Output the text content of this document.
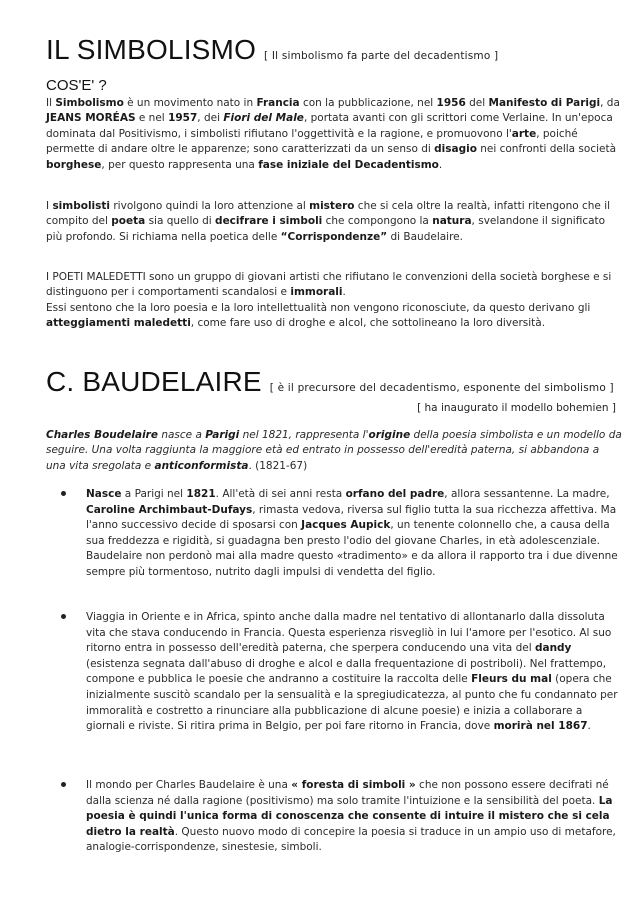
IL SIMBOLISMO [ Il simbolismo fa parte del decadentismo ]
COS'E' ?
Il Simbolismo è un movimento nato in Francia con la pubblicazione, nel 1956 del Manifesto di Parigi, da JEANS MORÉAS e nel 1957, dei Fiori del Male, portata avanti con gli scrittori come Verlaine. In un'epoca dominata dal Positivismo, i simbolisti rifiutano l'oggettività e la ragione, e promuovono l'arte, poiché permette di andare oltre le apparenze; sono caratterizzati da un senso di disagio nei confronti della società borghese, per questo rappresenta una fase iniziale del Decadentismo.
I simbolisti rivolgono quindi la loro attenzione al mistero che si cela oltre la realtà, infatti ritengono che il compito del poeta sia quello di decifrare i simboli che compongono la natura, svelandone il significato più profondo. Si richiama nella poetica delle “Corrispondenze” di Baudelaire.
I POETI MALEDETTI sono un gruppo di giovani artisti che rifiutano le convenzioni della società borghese e si distinguono per i comportamenti scandalosi e immorali.
Essi sentono che la loro poesia e la loro intellettualità non vengono riconosciute, da questo derivano gli atteggiamenti maledetti, come fare uso di droghe e alcol, che sottolineano la loro diversità.
C. BAUDELAIRE [ è il precursore del decadentismo, esponente del simbolismo ]
[ ha inaugurato il modello bohemien ]
Charles Boudelaire nasce a Parigi nel 1821, rappresenta l'origine della poesia simbolista e un modello da seguire. Una volta raggiunta la maggiore età ed entrato in possesso dell'eredità paterna, si abbandona a una vita sregolata e anticonformista. (1821-67)
Nasce a Parigi nel 1821. All'età di sei anni resta orfano del padre, allora sessantenne. La madre, Caroline Archimbaut-Dufays, rimasta vedova, riversa sul figlio tutta la sua ricchezza affettiva. Ma l'anno successivo decide di sposarsi con Jacques Aupick, un tenente colonnello che, a causa della sua freddezza e rigidità, si guadagna ben presto l'odio del giovane Charles, in età adolescenziale. Baudelaire non perdonò mai alla madre questo «tradimento» e da allora il rapporto tra i due divenne sempre più tormentoso, nutrito dagli impulsi di vendetta del figlio.
Viaggia in Oriente e in Africa, spinto anche dalla madre nel tentativo di allontanarlo dalla dissoluta vita che stava conducendo in Francia. Questa esperienza risvegliò in lui l'amore per l'esotico. Al suo ritorno entra in possesso dell'eredità paterna, che sperpera conducendo una vita del dandy (esistenza segnata dall'abuso di droghe e alcol e dalla frequentazione di postriboli). Nel frattempo, compone e pubblica le poesie che andranno a costituire la raccolta delle Fleurs du mal (opera che inizialmente suscitò scandalo per la sensualità e la spregiudicatezza, al punto che fu condannato per immoralità e costretto a rinunciare alla pubblicazione di alcune poesie) e inizia a collaborare a giornali e riviste. Si ritira prima in Belgio, per poi fare ritorno in Francia, dove morirà nel 1867.
Il mondo per Charles Baudelaire è una « foresta di simboli » che non possono essere decifrati né dalla scienza né dalla ragione (positivismo) ma solo tramite l'intuizione e la sensibilità del poeta. La poesia è quindi l'unica forma di conoscenza che consente di intuire il mistero che si cela dietro la realtà. Questo nuovo modo di concepire la poesia si traduce in un ampio uso di metafore, analogie-corrispondenze, sinestesie, simboli.
